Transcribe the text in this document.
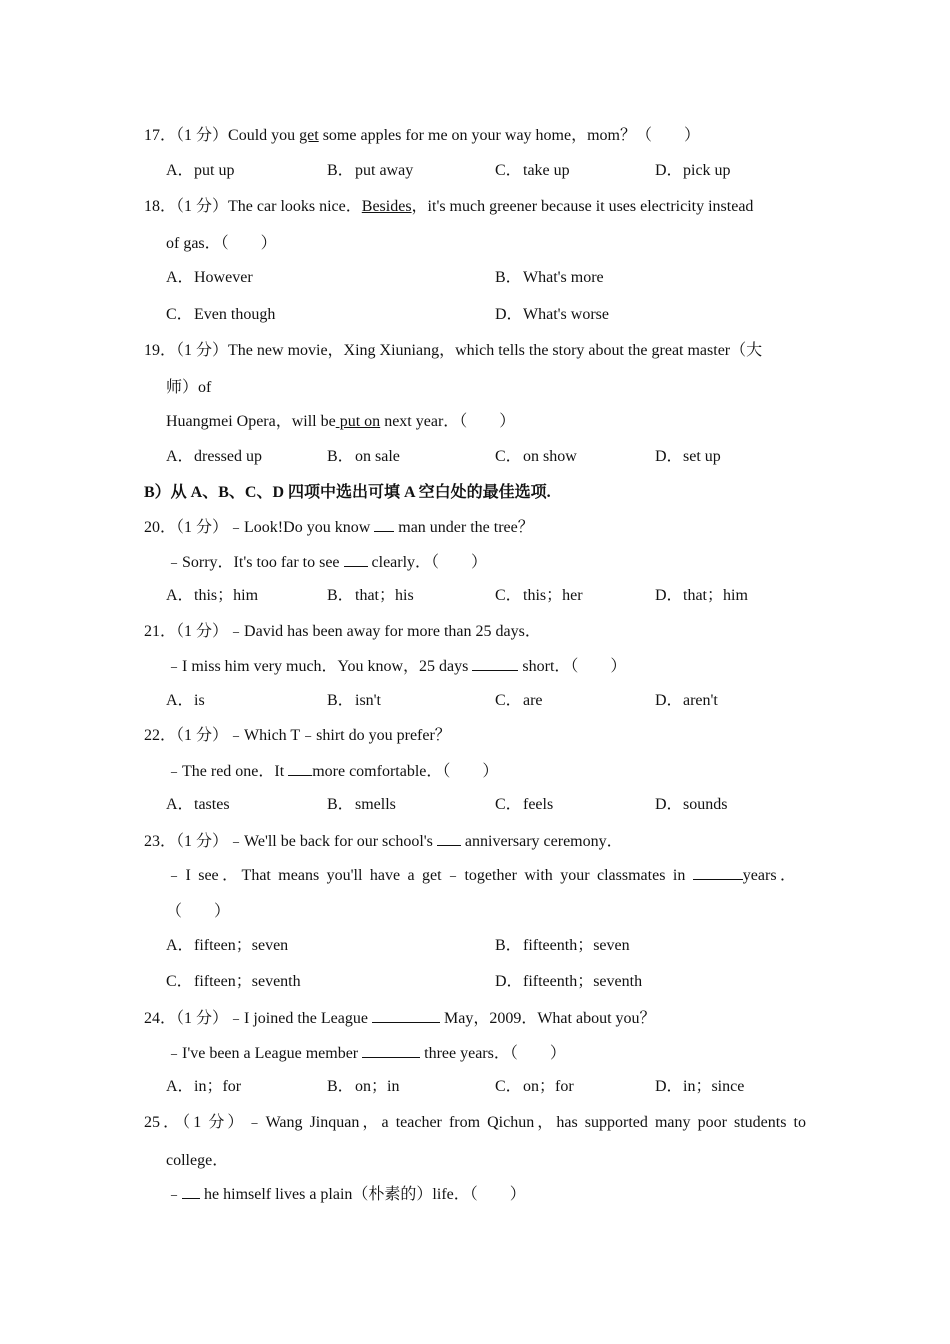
17．（1 分）Could you get some apples for me on your way home，mom？（　　）
A．put up	B．put away	C．take up	D．pick up
18．（1 分）The car looks nice．Besides，it's much greener because it uses electricity instead
of gas．（　　）
A．However	B．What's more
C．Even though	D．What's worse
19．（1 分）The new movie，Xing Xiuniang，which tells the story about the great master（大
师）of
Huangmei Opera，will be put on next year．（　　）
A．dressed up	B．on sale	C．on show	D．set up
B）从 A、B、C、D 四项中选出可填 A 空白处的最佳选项.
20．（1 分）﹣Look!Do you know  man under the tree？
﹣Sorry．It's too far to see  clearly．（　　）
A．this；him	B．that；his	C．this；her	D．that；him
21．（1 分）﹣David has been away for more than 25 days．
﹣I miss him very much．You know，25 days	short．（　　）
A．is	B．isn't	C．are	D．aren't
22．（1 分）﹣Which T﹣shirt do you prefer？
﹣The red one．It more comfortable．（　　）
A．tastes	B．smells	C．feels	D．sounds
23．（1 分）﹣We'll be back for our school's  anniversary ceremony．
﹣I see．That means you'll have a get﹣together with your classmates in	years．
（　　）
A．fifteen；seven	B．fifteenth；seven
C．fifteen；seventh	D．fifteenth；seventh
24．（1 分）﹣I joined the League	May，2009．What about you？
﹣I've been a League member	three years．（　　）
A．in；for	B．on；in	C．on；for	D．in；since
25．（1 分）﹣Wang Jinquan，a teacher from Qichun，has supported many poor students to
college．
﹣ he himself lives a plain（朴素的）life．（　　）
